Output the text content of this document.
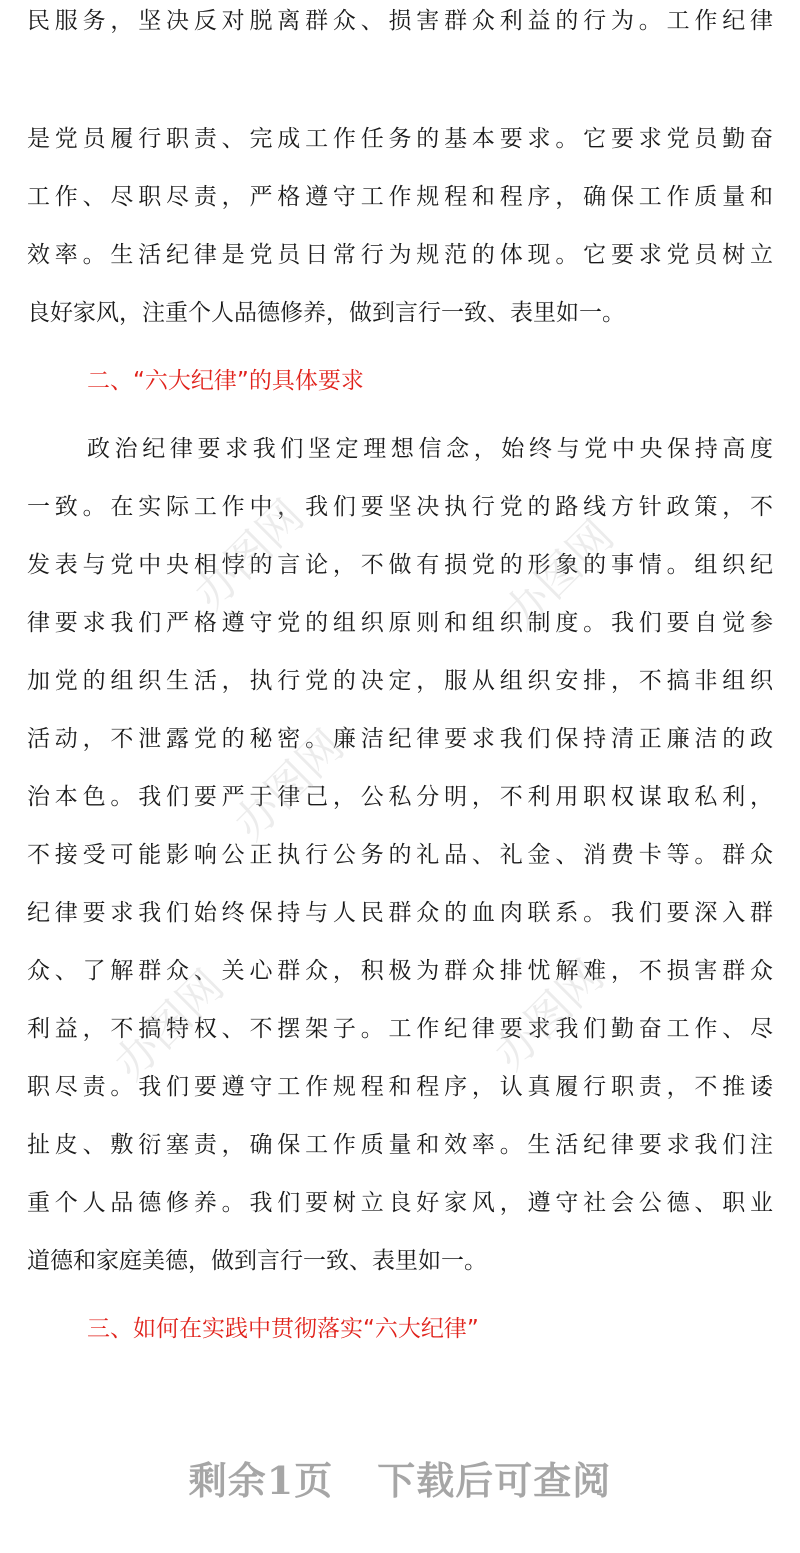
民服务，坚决反对脱离群众、损害群众利益的行为。工作纪律
是党员履行职责、完成工作任务的基本要求。它要求党员勤奋
工作、尽职尽责，严格遵守工作规程和程序，确保工作质量和
效率。生活纪律是党员日常行为规范的体现。它要求党员树立
良好家风，注重个人品德修养，做到言行一致、表里如一。
二、“六大纪律”的具体要求
政治纪律要求我们坚定理想信念，始终与党中央保持高度
一致。在实际工作中，我们要坚决执行党的路线方针政策，不
发表与党中央相悖的言论，不做有损党的形象的事情。组织纪
律要求我们严格遵守党的组织原则和组织制度。我们要自觉参
加党的组织生活，执行党的决定，服从组织安排，不搞非组织
活动，不泄露党的秘密。廉洁纪律要求我们保持清正廉洁的政
治本色。我们要严于律己，公私分明，不利用职权谋取私利，
不接受可能影响公正执行公务的礼品、礼金、消费卡等。群众
纪律要求我们始终保持与人民群众的血肉联系。我们要深入群
众、了解群众、关心群众，积极为群众排忧解难，不损害群众
利益，不搞特权、不摆架子。工作纪律要求我们勤奋工作、尽
职尽责。我们要遵守工作规程和程序，认真履行职责，不推诿
扯皮、敷衍塞责，确保工作质量和效率。生活纪律要求我们注
重个人品德修养。我们要树立良好家风，遵守社会公德、职业
道德和家庭美德，做到言行一致、表里如一。
三、如何在实践中贯彻落实“六大纪律”
办图网	办图网
办图网
办图网
办图网
剩余1页 下载后可查阅
